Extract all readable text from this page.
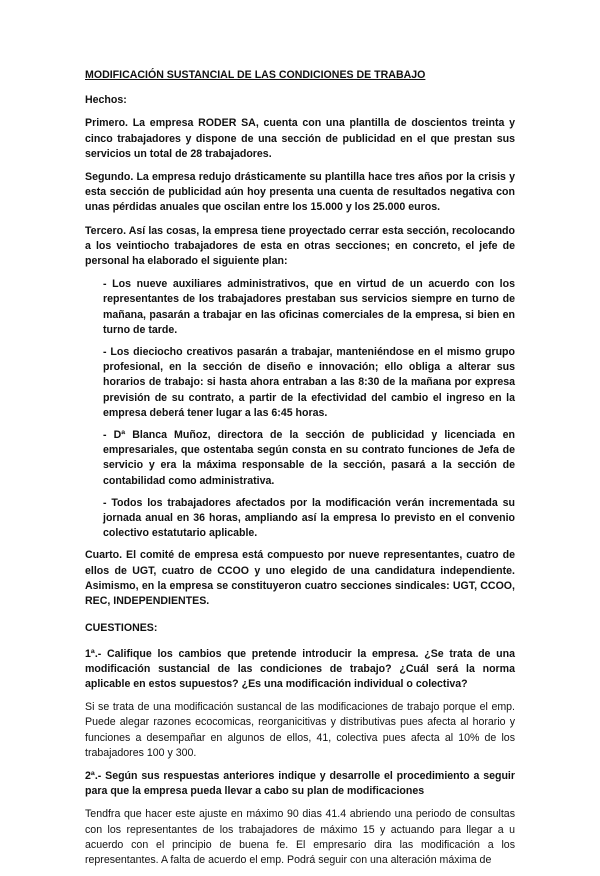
MODIFICACIÓN SUSTANCIAL DE LAS CONDICIONES DE TRABAJO

Hechos:

Primero. La empresa RODER SA, cuenta con una plantilla de doscientos treinta y cinco trabajadores y dispone de una sección de publicidad en el que prestan sus servicios un total de 28 trabajadores.

Segundo. La empresa redujo drásticamente su plantilla hace tres años por la crisis y esta sección de publicidad aún hoy presenta una cuenta de resultados negativa con unas pérdidas anuales que oscilan entre los 15.000 y los 25.000 euros.

Tercero. Así las cosas, la empresa tiene proyectado cerrar esta sección, recolocando a los veintiocho trabajadores de esta en otras secciones; en concreto, el jefe de personal ha elaborado el siguiente plan:

- Los nueve auxiliares administrativos, que en virtud de un acuerdo con los representantes de los trabajadores prestaban sus servicios siempre en turno de mañana, pasarán a trabajar en las oficinas comerciales de la empresa, si bien en turno de tarde.

- Los dieciocho creativos pasarán a trabajar, manteniéndose en el mismo grupo profesional, en la sección de diseño e innovación; ello obliga a alterar sus horarios de trabajo: si hasta ahora entraban a las 8:30 de la mañana por expresa previsión de su contrato, a partir de la efectividad del cambio el ingreso en la empresa deberá tener lugar a las 6:45 horas.

- Dª Blanca Muñoz, directora de la sección de publicidad y licenciada en empresariales, que ostentaba según consta en su contrato funciones de Jefa de servicio y era la máxima responsable de la sección, pasará a la sección de contabilidad como administrativa.

- Todos los trabajadores afectados por la modificación verán incrementada su jornada anual en 36 horas, ampliando así la empresa lo previsto en el convenio colectivo estatutario aplicable.

Cuarto. El comité de empresa está compuesto por nueve representantes, cuatro de ellos de UGT, cuatro de CCOO y uno elegido de una candidatura independiente. Asimismo, en la empresa se constituyeron cuatro secciones sindicales: UGT, CCOO, REC, INDEPENDIENTES.

CUESTIONES:

1ª.- Califique los cambios que pretende introducir la empresa. ¿Se trata de una modificación sustancial de las condiciones de trabajo? ¿Cuál será la norma aplicable en estos supuestos? ¿Es una modificación individual o colectiva?

Si se trata de una modificación sustancal de las modificaciones de trabajo porque el emp. Puede alegar razones ecocomicas, reorganicitivas y distributivas pues afecta al horario y funciones a desempañar en algunos de ellos, 41, colectiva pues afecta al 10% de los trabajadores 100 y 300.

2ª.- Según sus respuestas anteriores indique y desarrolle el procedimiento a seguir para que la empresa pueda llevar a cabo su plan de modificaciones

Tendfra que hacer este ajuste en máximo 90 dias 41.4 abriendo una periodo de consultas con los representantes de los trabajadores de máximo 15 y actuando para llegar a u acuerdo con el principio de buena fe. El empresario dira las modificación a los representantes. A falta de acuerdo el emp. Podrá seguir con una alteración máxima de
